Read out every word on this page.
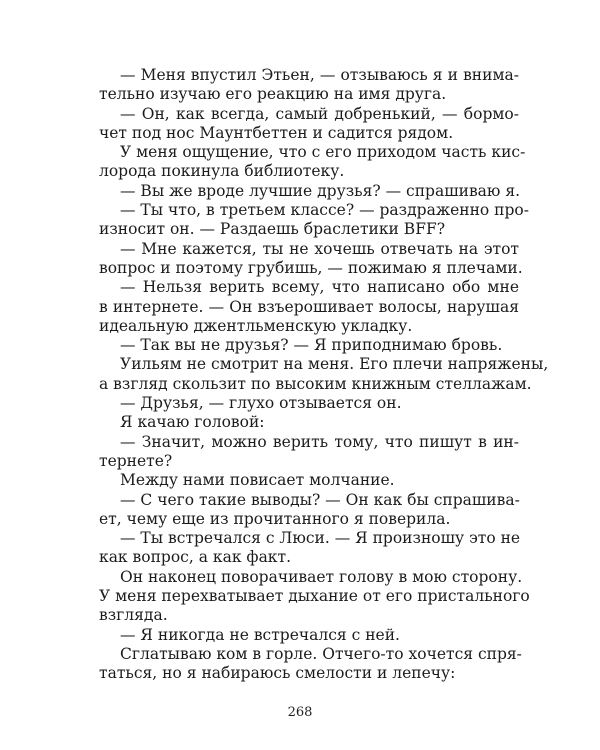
— Меня впустил Этьен, — отзываюсь я и внима-
тельно изучаю его реакцию на имя друга.
— Он, как всегда, самый добренький, — бормо-
чет под нос Маунтбеттен и садится рядом.
У меня ощущение, что с его приходом часть кис-
лорода покинула библиотеку.
— Вы же вроде лучшие друзья? — спрашиваю я.
— Ты что, в третьем классе? — раздраженно про-
износит он. — Раздаешь браслетики BFF?
— Мне кажется, ты не хочешь отвечать на этот
вопрос и поэтому грубишь, — пожимаю я плечами.
— Нельзя верить всему, что написано обо мне
в интернете. — Он взъерошивает волосы, нарушая
идеальную джентльменскую укладку.
— Так вы не друзья? — Я приподнимаю бровь.
Уильям не смотрит на меня. Его плечи напряжены,
а взгляд скользит по высоким книжным стеллажам.
— Друзья, — глухо отзывается он.
Я качаю головой:
— Значит, можно верить тому, что пишут в ин-
тернете?
Между нами повисает молчание.
— С чего такие выводы? — Он как бы спрашива-
ет, чему еще из прочитанного я поверила.
— Ты встречался с Люси. — Я произношу это не
как вопрос, а как факт.
Он наконец поворачивает голову в мою сторону.
У меня перехватывает дыхание от его пристального
взгляда.
— Я никогда не встречался с ней.
Сглатываю ком в горле. Отчего-то хочется спря-
таться, но я набираюсь смелости и лепечу:
268
